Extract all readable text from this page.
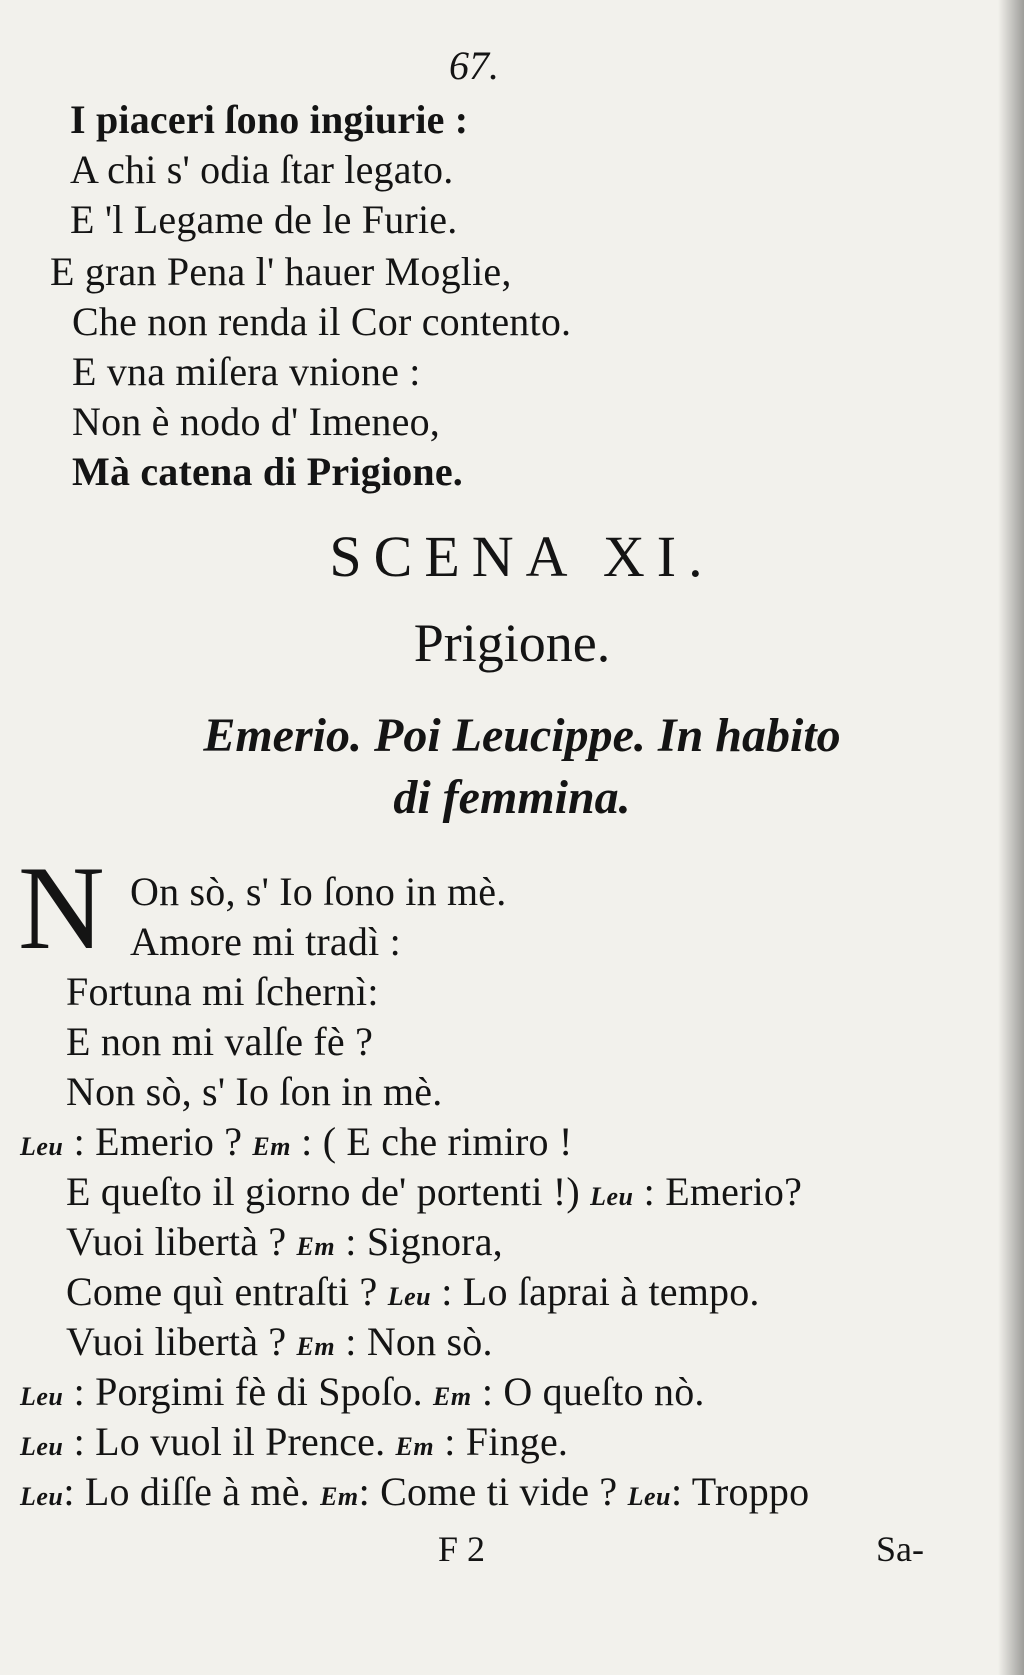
67.
I piaceri ſono ingiurie :
A chi s' odia ſtar legato.
E 'l Legame de le Furie.
E gran Pena l' hauer Moglie,
Che non renda il Cor contento.
E vna miſera vnione :
Non è nodo d' Imeneo,
Mà catena di Prigione.
SCENA XI.
Prigione.
Emerio. Poi Leucippe. In habito
di femmina.
N On sò, s' Io ſono in mè.
Amore mi tradì :
Fortuna mi ſchernì:
E non mi valſe fè ?
Non sò, s' Io ſon in mè.
Leu : Emerio ? Em : ( E che rimiro !
E queſto il giorno de' portenti !) Leu : Emerio?
Vuoi libertà ? Em : Signora,
Come quì entraſti ? Leu : Lo ſaprai à tempo.
Vuoi libertà ? Em : Non sò.
Leu : Porgimi fè di Spoſo. Em : O queſto nò.
Leu : Lo vuol il Prence. Em : Finge.
Leu: Lo diſſe à mè. Em: Come ti vide ? Leu: Troppo
F 2	Sa-
